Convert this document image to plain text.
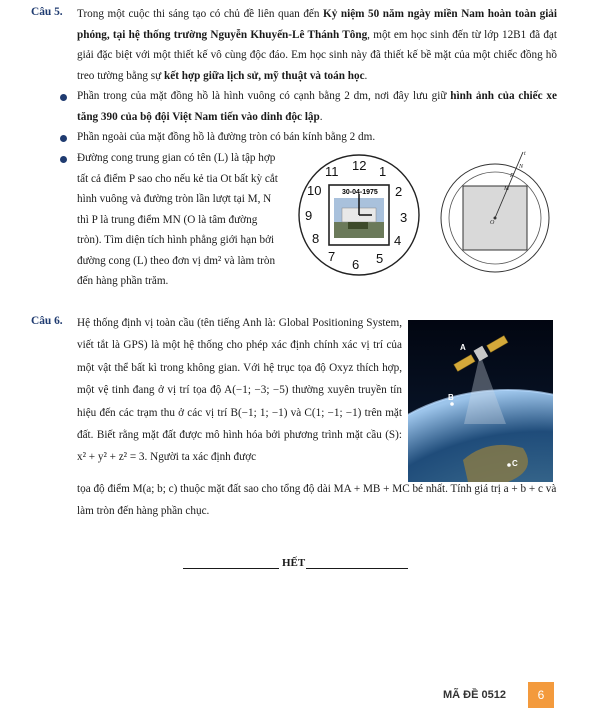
Câu 5. Trong một cuộc thi sáng tạo có chủ đề liên quan đến Kỷ niệm 50 năm ngày miền Nam hoàn toàn giải phóng, tại hệ thống trường Nguyễn Khuyến-Lê Thánh Tông, một em học sinh đến từ lớp 12B1 đã đạt giải đặc biệt với một thiết kế vô cùng độc đáo. Em học sinh này đã thiết kế bề mặt của một chiếc đồng hồ treo tường bằng sự kết hợp giữa lịch sử, mỹ thuật và toán học.
Phần trong của mặt đồng hồ là hình vuông có cạnh bằng 2 dm, nơi đây lưu giữ hình ảnh của chiếc xe tăng 390 của bộ đội Việt Nam tiến vào dinh độc lập.
Phần ngoài của mặt đồng hồ là đường tròn có bán kính bằng 2 dm.
Đường cong trung gian có tên (L) là tập hợp tất cả điểm P sao cho nếu kẻ tia Ot bất kỳ cắt hình vuông và đường tròn lần lượt tại M, N thì P là trung điểm MN (O là tâm đường tròn). Tìm diện tích hình phẳng giới hạn bởi đường cong (L) theo đơn vị dm² và làm tròn đến hàng phần trăm.
30-04-1975
12 1
2
3
4
5
6
7
8
9
10
11
t
N
P
M
O
Câu 6. Hệ thống định vị toàn cầu (tên tiếng Anh là: Global Positioning System, viết tắt là GPS) là một hệ thống cho phép xác định chính xác vị trí của một vật thể bất kì trong không gian. Với hệ trục tọa độ Oxyz thích hợp, một vệ tinh đang ở vị trí tọa độ A(−1; −3; −5) thường xuyên truyền tín hiệu đến các trạm thu ở các vị trí B(−1; 1; −1) và C(1; −1; −1) trên mặt đất. Biết rằng mặt đất được mô hình hóa bởi phương trình mặt cầu (S): x² + y² + z² = 3. Người ta xác định được
tọa độ điểm M(a; b; c) thuộc mặt đất sao cho tổng độ dài MA + MB + MC bé nhất. Tính giá trị a + b + c và làm tròn đến hàng phần chục.
A
B
C
HẾT
MÃ ĐỀ 0512	6
